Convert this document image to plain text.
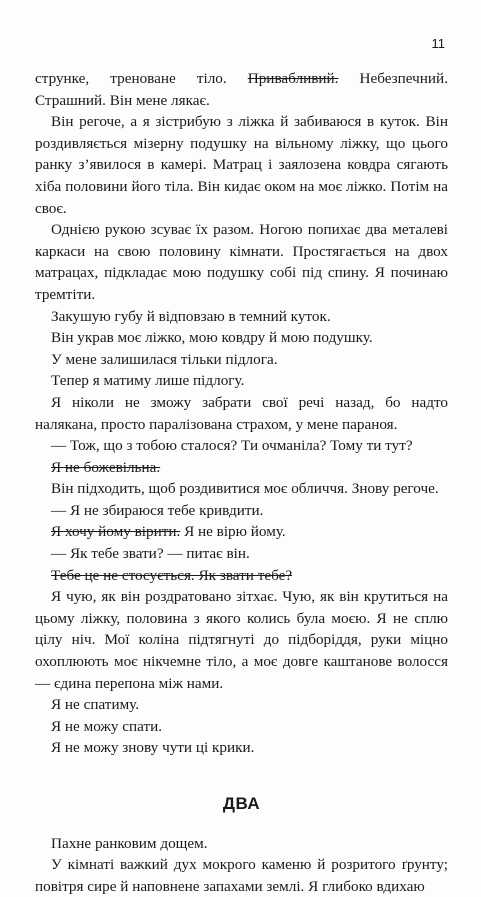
11

струнке, треноване тіло. Привабливий. Небезпечний. Страшний. Він мене лякає.

Він регоче, а я зістрибую з ліжка й забиваюся в куток. Він роздивляється мізерну подушку на вільному ліжку, що цього ранку з’явилося в камері. Матрац і заялозена ковдра сягають хіба половини його тіла. Він кидає оком на моє ліжко. Потім на своє.

Однією рукою зсуває їх разом. Ногою попихає два металеві каркаси на свою половину кімнати. Простягається на двох матрацах, підкладає мою подушку собі під спину. Я починаю тремтіти.

Закушую губу й відповзаю в темний куток.

Він украв моє ліжко, мою ковдру й мою подушку.

У мене залишилася тільки підлога.

Тепер я матиму лише підлогу.

Я ніколи не зможу забрати свої речі назад, бо надто налякана, просто паралізована страхом, у мене параноя.

— Тож, що з тобою сталося? Ти очманіла? Тому ти тут?

Я не божевільна.

Він підходить, щоб роздивитися моє обличчя. Знову регоче.

— Я не збираюся тебе кривдити.

Я хочу йому вірити. Я не вірю йому.

— Як тебе звати? — питає він.

Тебе це не стосується. Як звати тебе?

Я чую, як він роздратовано зітхає. Чую, як він крутиться на цьому ліжку, половина з якого колись була моєю. Я не сплю цілу ніч. Мої коліна підтягнуті до підборіддя, руки міцно охоплюють моє нікчемне тіло, а моє довге каштанове волосся — єдина перепона між нами.

Я не спатиму.

Я не можу спати.

Я не можу знову чути ці крики.

ДВА

Пахне ранковим дощем.

У кімнаті важкий дух мокрого каменю й розритого ґрунту; повітря сире й наповнене запахами землі. Я глибоко вдихаю
